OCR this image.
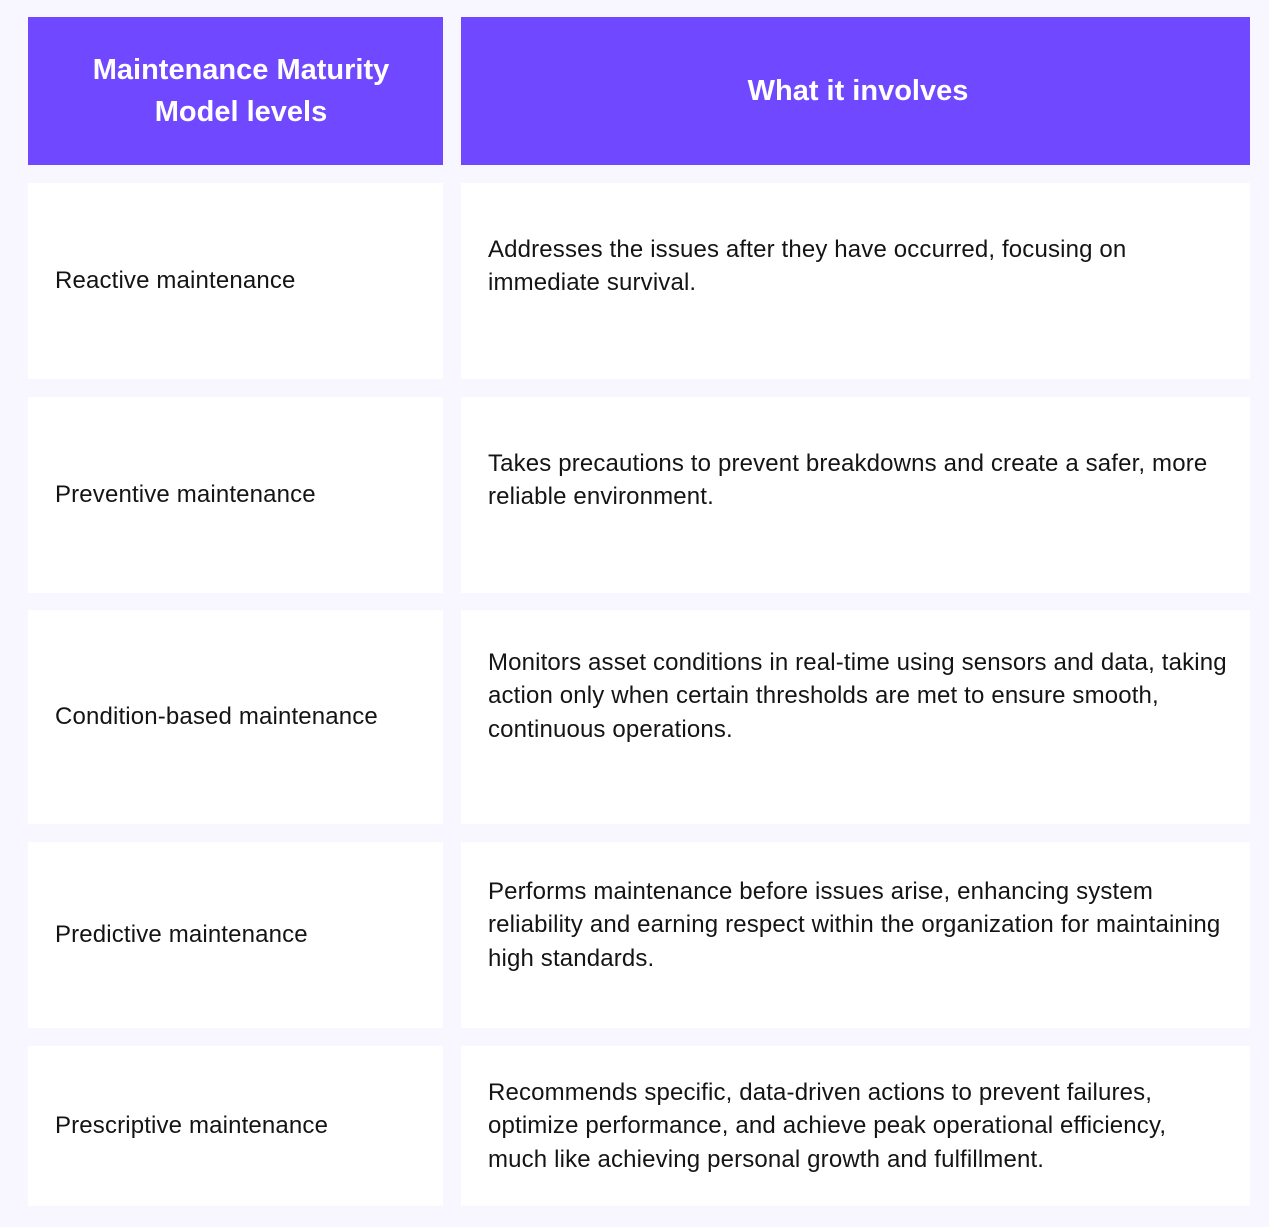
Maintenance Maturity Model levels
What it involves
Reactive maintenance
Addresses the issues after they have occurred, focusing on immediate survival.
Preventive maintenance
Takes precautions to prevent breakdowns and create a safer, more reliable environment.
Condition-based maintenance
Monitors asset conditions in real-time using sensors and data, taking action only when certain thresholds are met to ensure smooth, continuous operations.
Predictive maintenance
Performs maintenance before issues arise, enhancing system reliability and earning respect within the organization for maintaining high standards.
Prescriptive maintenance
Recommends specific, data-driven actions to prevent failures, optimize performance, and achieve peak operational efficiency, much like achieving personal growth and fulfillment.
